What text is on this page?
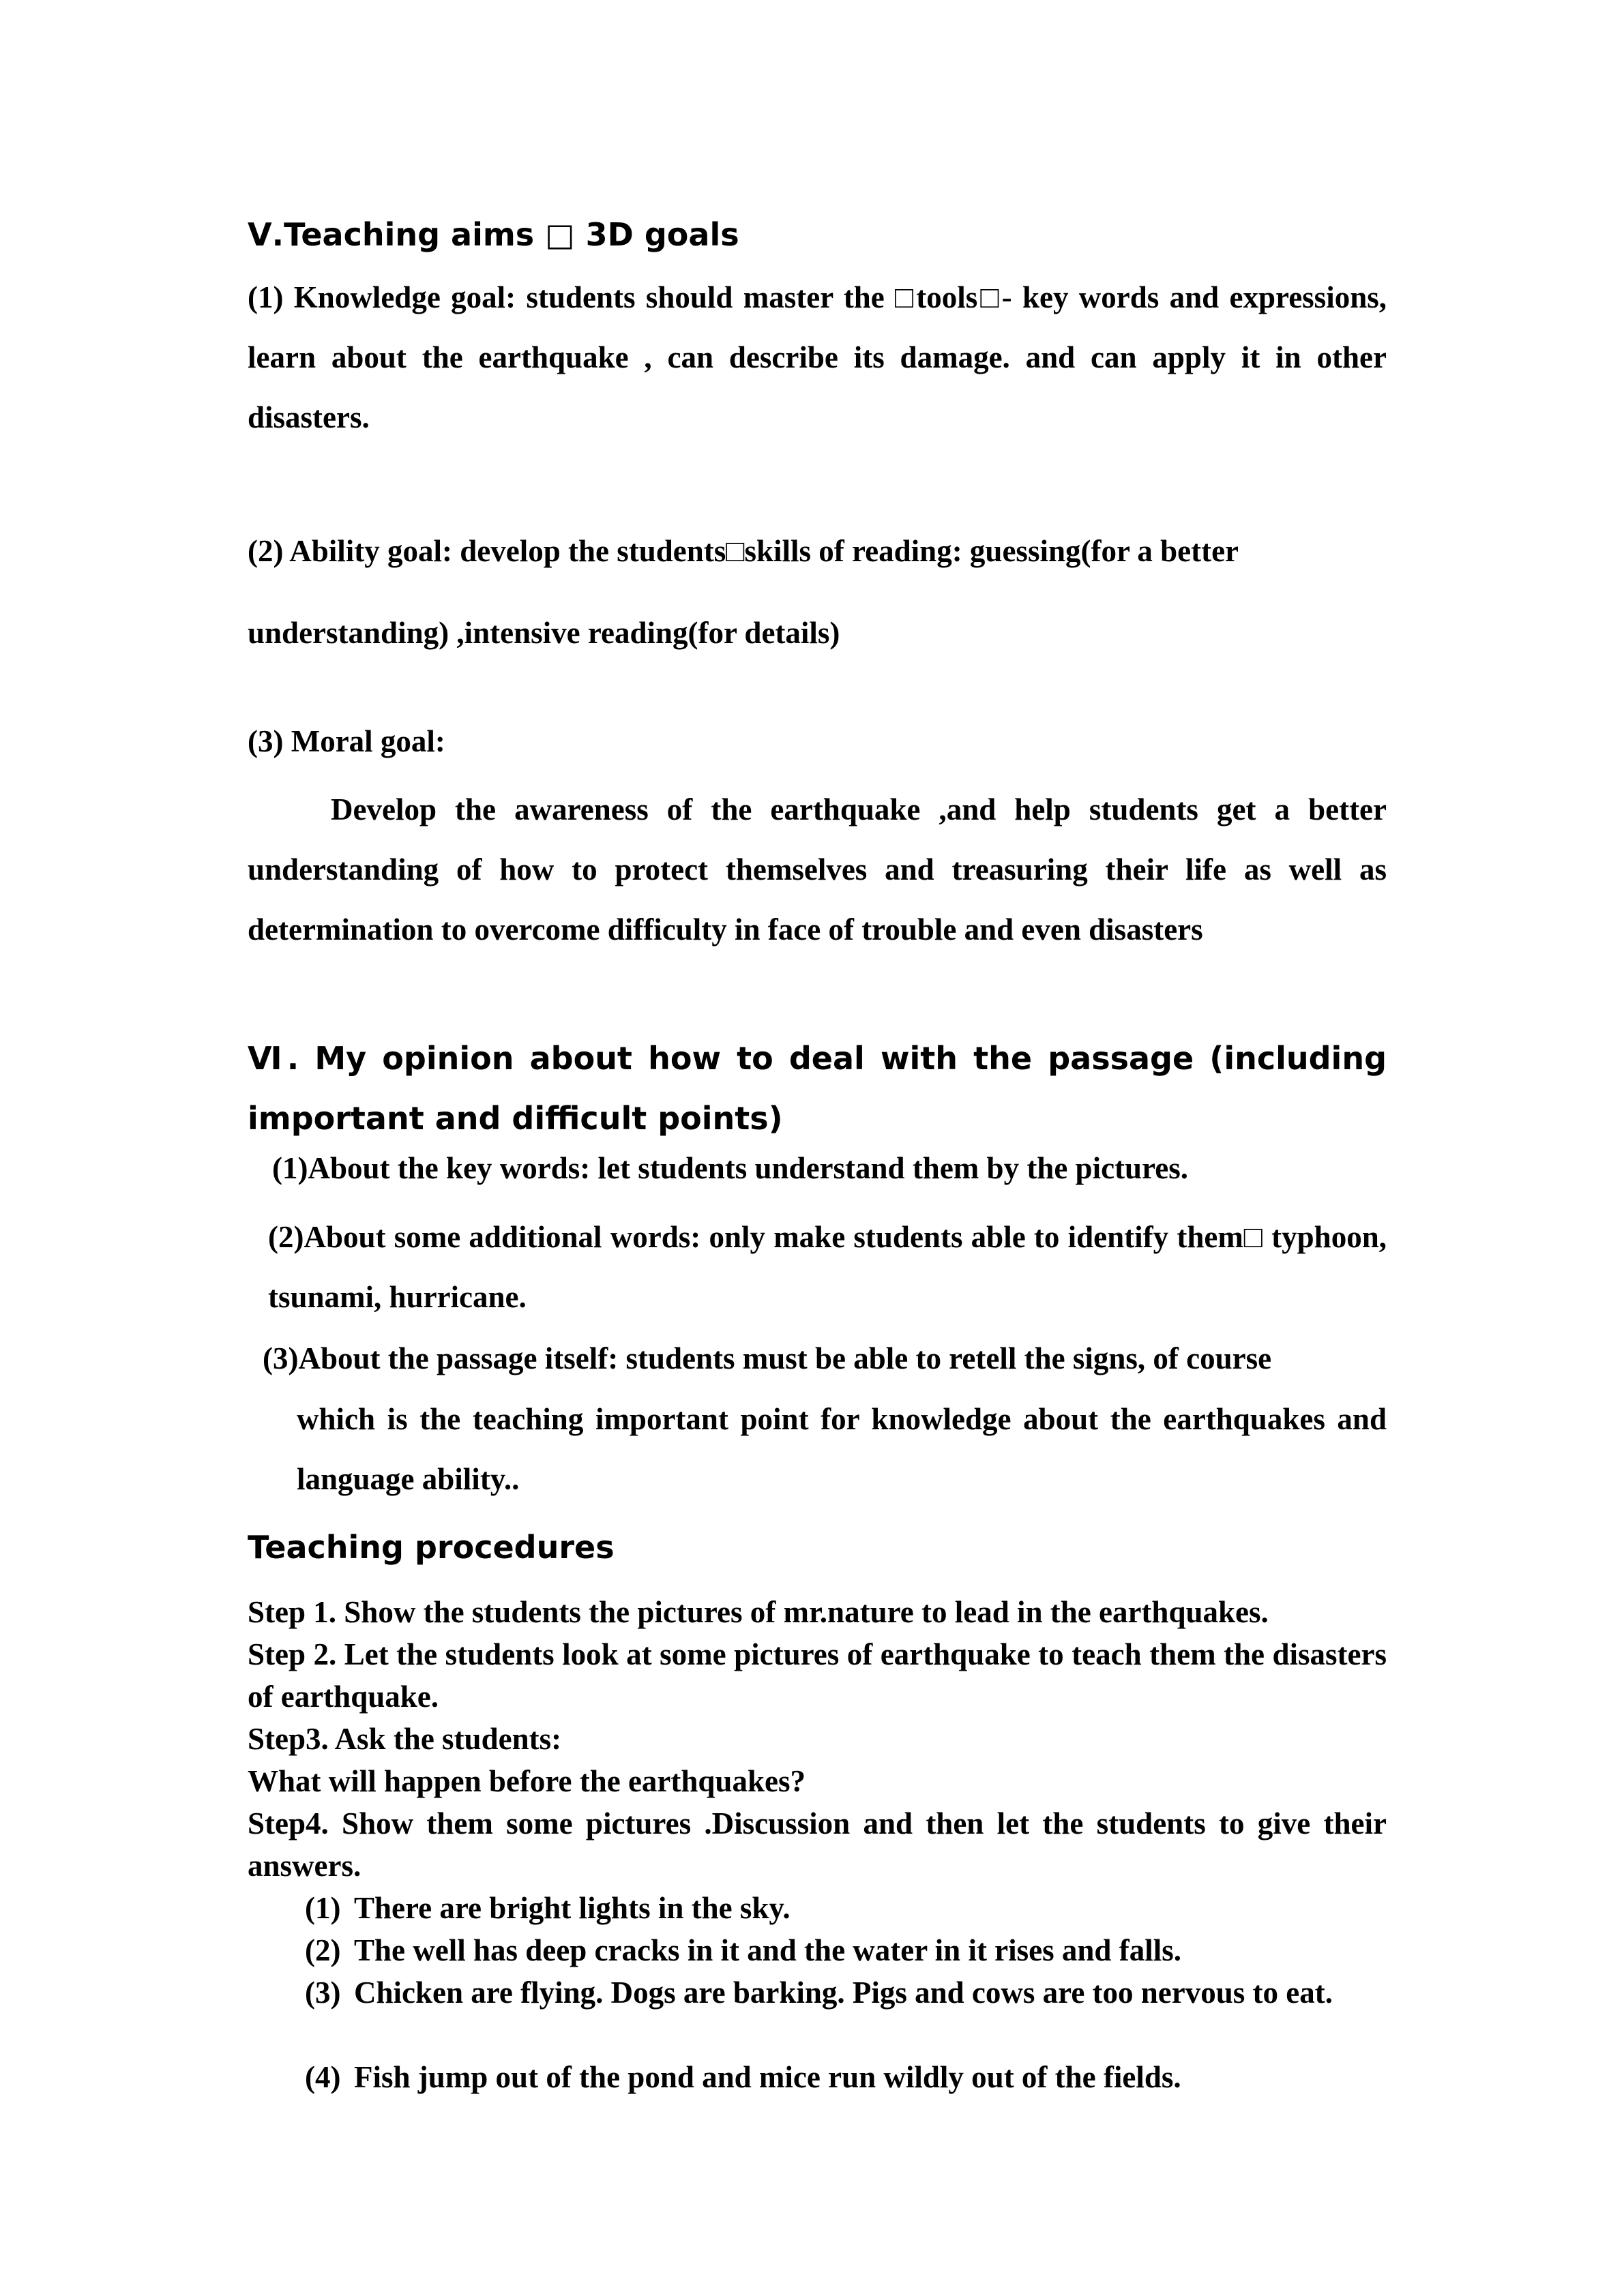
Ⅴ.Teaching aims □ 3D goals
(1) Knowledge goal: students should master the □tools□- key words and expressions, learn about the earthquake , can describe its damage. and can apply it in other disasters.
(2) Ability goal: develop the students□skills of reading: guessing(for a better
understanding) ,intensive reading(for details)
(3) Moral goal:
Develop the awareness of the earthquake ,and help students get a better understanding of how to protect themselves and treasuring their life as well as determination to overcome difficulty in face of trouble and even disasters
Ⅵ. My opinion about how to deal with the passage (including important and difficult points)
(1)About the key words: let students understand them by the pictures.
(2)About some additional words: only make students able to identify them□ typhoon, tsunami, hurricane.
(3)About the passage itself: students must be able to retell the signs, of course
which is the teaching important point for knowledge about the earthquakes and language ability..
Teaching procedures
Step 1. Show the students the pictures of mr.nature to lead in the earthquakes.
Step 2. Let the students look at some pictures of earthquake to teach them the disasters of earthquake.
Step3. Ask the students:
What will happen before the earthquakes?
Step4. Show them some pictures .Discussion and then let the students to give their answers.
(1) There are bright lights in the sky.
(2) The well has deep cracks in it and the water in it rises and falls.
(3) Chicken are flying. Dogs are barking. Pigs and cows are too nervous to eat.
(4) Fish jump out of the pond and mice run wildly out of the fields.
